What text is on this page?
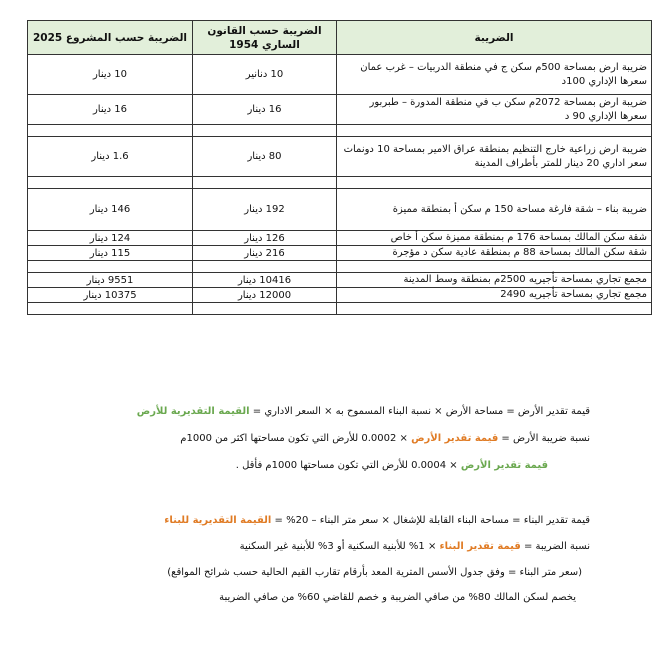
الضريبة	الضريبة حسب القانون الساري 1954	الضريبة حسب المشروع 2025
ضريبة ارض بمساحة 500م سكن ج في منطقة الدربيات – غرب عمان سعرها الإداري 100د	10 دنانير	10 دينار
ضريبة ارض بمساحة 2072م سكن ب في منطقة المدورة – طبربور سعرها الإداري 90 د	16 دينار	16 دينار

ضريبة ارض زراعية خارج التنظيم بمنطقة عراق الامير بمساحة 10 دونمات سعر اداري 20 دينار للمتر بأطراف المدينة	80 دينار	1.6 دينار

ضريبة بناء – شقة فارغة مساحة 150 م سكن أ بمنطقة مميزة	192 دينار	146 دينار
شقة سكن المالك بمساحة 176 م بمنطقة مميزة سكن أ خاص	126 دينار	124 دينار
شقة سكن المالك بمساحة 88 م بمنطقة عادية سكن د مؤجرة	216 دينار	115 دينار

مجمع تجاري بمساحة تأجيريه 2500م بمنطقة وسط المدينة	10416 دينار	9551 دينار
مجمع تجاري بمساحة تأجيريه 2490	12000 دينار	10375 دينار

قيمة تقدير الأرض = مساحة الأرض × نسبة البناء المسموح به × السعر الاداري = القيمة التقديرية للأرض

نسبة ضريبة الأرض = قيمة تقدير الأرض × 0.0002 للأرض التي تكون مساحتها اكثر من 1000م

قيمة تقدير الأرض × 0.0004 للأرض التي تكون مساحتها 1000م فأقل .

قيمة تقدير البناء = مساحة البناء القابلة للإشغال × سعر متر البناء – 20% = القيمة التقديرية للبناء

نسبة الضريبة = قيمة تقدير البناء × 1% للأبنية السكنية أو 3% للأبنية غير السكنية

(سعر متر البناء = وفق جدول الأسس المترية المعد بأرقام تقارب القيم الحالية حسب شرائح المواقع)

يخصم لسكن المالك 80% من صافي الضريبة و خصم للقاضي 60% من صافي الضريبة
